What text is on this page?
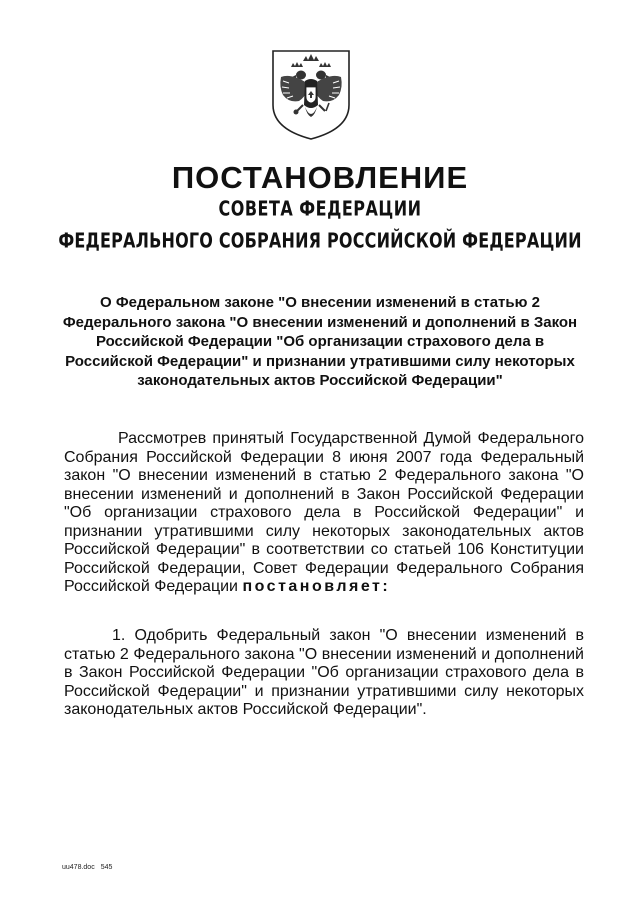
ПОСТАНОВЛЕНИЕ
СОВЕТА ФЕДЕРАЦИИ
ФЕДЕРАЛЬНОГО СОБРАНИЯ РОССИЙСКОЙ ФЕДЕРАЦИИ

О Федеральном законе "О внесении изменений в статью 2 Федерального закона "О внесении изменений и дополнений в Закон Российской Федерации "Об организации страхового дела в Российской Федерации" и признании утратившими силу некоторых законодательных актов Российской Федерации"

Рассмотрев принятый Государственной Думой Федерального Собрания Российской Федерации 8 июня 2007 года Федеральный закон "О внесении изменений в статью 2 Федерального закона "О внесении изменений и дополнений в Закон Российской Федерации "Об организации страхового дела в Российской Федерации" и признании утратившими силу некоторых законодательных актов Российской Федерации" в соответствии со статьей 106 Конституции Российской Федерации, Совет Федерации Федерального Собрания Российской Федерации постановляет:

1. Одобрить Федеральный закон "О внесении изменений в статью 2 Федерального закона "О внесении изменений и дополнений в Закон Российской Федерации "Об организации страхового дела в Российской Федерации" и признании утратившими силу некоторых законодательных актов Российской Федерации".

uu478.doc 545
